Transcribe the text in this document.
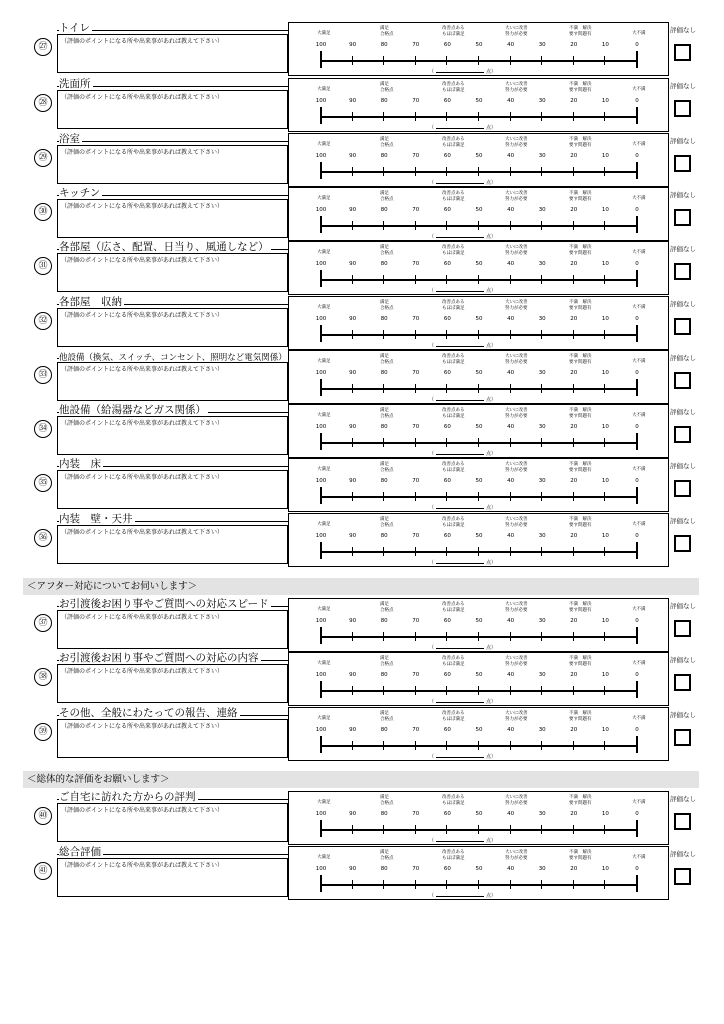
＜アフター対応についてお伺いします＞
＜総体的な評価をお願いします＞
㉗
トイレ
（評価のポイントになる所や出来事があれば教えて下さい）
大満足
満足
合格点
改善点ある
もほぼ満足
大いに改善
努力が必要
不満　解決
要す問題有	大不満
100	90	80	70	60	50	40	30	20	10	0
（	点）
評価なし
㉘
洗面所
（評価のポイントになる所や出来事があれば教えて下さい）
大満足
満足
合格点
改善点ある
もほぼ満足
大いに改善
努力が必要
不満　解決
要す問題有	大不満
100	90	80	70	60	50	40	30	20	10	0
（	点）
評価なし
㉙
浴室
（評価のポイントになる所や出来事があれば教えて下さい）
大満足
満足
合格点
改善点ある
もほぼ満足
大いに改善
努力が必要
不満　解決
要す問題有	大不満
100	90	80	70	60	50	40	30	20	10	0
（	点）
評価なし
㉚
キッチン
（評価のポイントになる所や出来事があれば教えて下さい）
大満足
満足
合格点
改善点ある
もほぼ満足
大いに改善
努力が必要
不満　解決
要す問題有	大不満
100	90	80	70	60	50	40	30	20	10	0
（	点）
評価なし
㉛
各部屋（広さ、配置、日当り、風通しなど）
（評価のポイントになる所や出来事があれば教えて下さい）
大満足
満足
合格点
改善点ある
もほぼ満足
大いに改善
努力が必要
不満　解決
要す問題有	大不満
100	90	80	70	60	50	40	30	20	10	0
（	点）
評価なし
㉜
各部屋　収納
（評価のポイントになる所や出来事があれば教えて下さい）
大満足
満足
合格点
改善点ある
もほぼ満足
大いに改善
努力が必要
不満　解決
要す問題有	大不満
100	90	80	70	60	50	40	30	20	10	0
（	点）
評価なし
㉝
他設備（換気、スイッチ、コンセント、照明など電気関係）
（評価のポイントになる所や出来事があれば教えて下さい）
大満足
満足
合格点
改善点ある
もほぼ満足
大いに改善
努力が必要
不満　解決
要す問題有	大不満
100	90	80	70	60	50	40	30	20	10	0
（	点）
評価なし
㉞
他設備（給湯器などガス関係）
（評価のポイントになる所や出来事があれば教えて下さい）
大満足
満足
合格点
改善点ある
もほぼ満足
大いに改善
努力が必要
不満　解決
要す問題有	大不満
100	90	80	70	60	50	40	30	20	10	0
（	点）
評価なし
㉟
内装　床
（評価のポイントになる所や出来事があれば教えて下さい）
大満足
満足
合格点
改善点ある
もほぼ満足
大いに改善
努力が必要
不満　解決
要す問題有	大不満
100	90	80	70	60	50	40	30	20	10	0
（	点）
評価なし
㊱
内装　壁・天井
（評価のポイントになる所や出来事があれば教えて下さい）
大満足
満足
合格点
改善点ある
もほぼ満足
大いに改善
努力が必要
不満　解決
要す問題有	大不満
100	90	80	70	60	50	40	30	20	10	0
（	点）
評価なし
㊲
お引渡後お困り事やご質問への対応スピード
（評価のポイントになる所や出来事があれば教えて下さい）
大満足
満足
合格点
改善点ある
もほぼ満足
大いに改善
努力が必要
不満　解決
要す問題有	大不満
100	90	80	70	60	50	40	30	20	10	0
（	点）
評価なし
㊳
お引渡後お困り事やご質問への対応の内容
（評価のポイントになる所や出来事があれば教えて下さい）
大満足
満足
合格点
改善点ある
もほぼ満足
大いに改善
努力が必要
不満　解決
要す問題有	大不満
100	90	80	70	60	50	40	30	20	10	0
（	点）
評価なし
㊴
その他、全般にわたっての報告、連絡
（評価のポイントになる所や出来事があれば教えて下さい）
大満足
満足
合格点
改善点ある
もほぼ満足
大いに改善
努力が必要
不満　解決
要す問題有	大不満
100	90	80	70	60	50	40	30	20	10	0
（	点）
評価なし
㊵
ご自宅に訪れた方からの評判
（評価のポイントになる所や出来事があれば教えて下さい）
大満足
満足
合格点
改善点ある
もほぼ満足
大いに改善
努力が必要
不満　解決
要す問題有	大不満
100	90	80	70	60	50	40	30	20	10	0
（	点）
評価なし
㊶
総合評価
（評価のポイントになる所や出来事があれば教えて下さい）
大満足
満足
合格点
改善点ある
もほぼ満足
大いに改善
努力が必要
不満　解決
要す問題有	大不満
100	90	80	70	60	50	40	30	20	10	0
（	点）
評価なし
